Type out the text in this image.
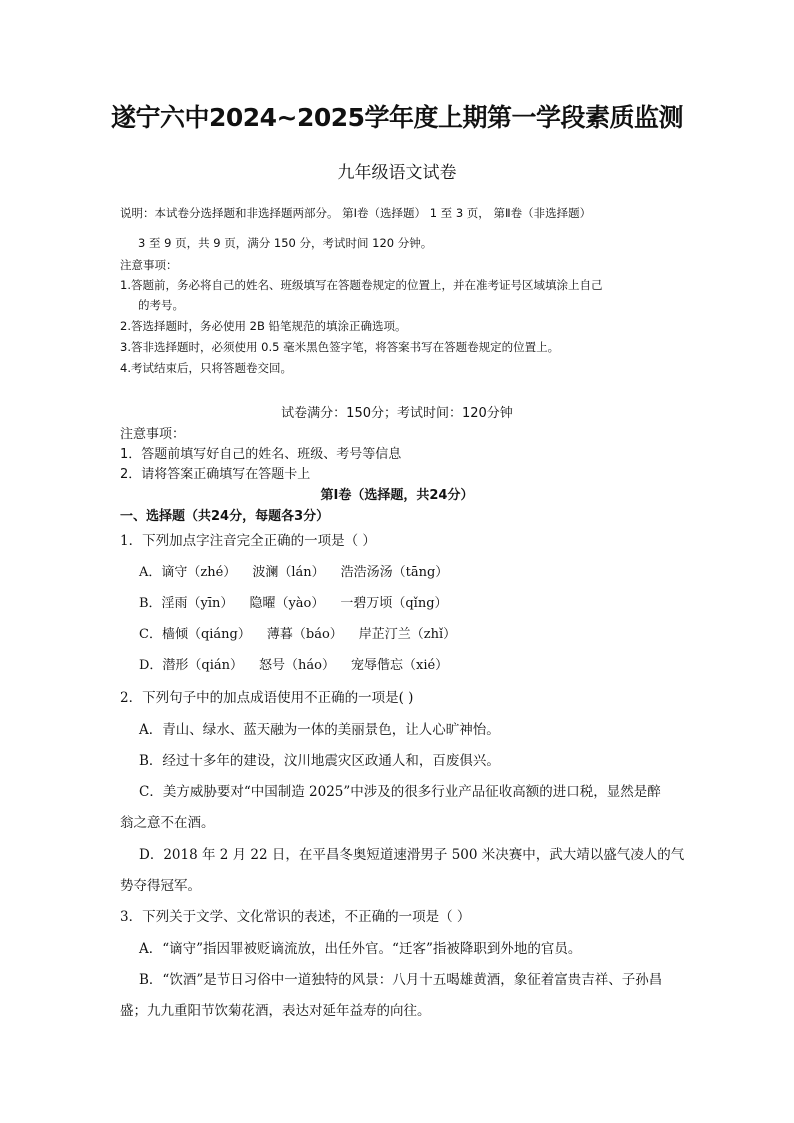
遂宁六中2024~2025学年度上期第一学段素质监测
九年级语文试卷
说明：本试卷分选择题和非选择题两部分。 第Ⅰ卷（选择题） 1 至 3 页， 第Ⅱ卷（非选择题）
3 至 9 页，共 9 页，满分 150 分，考试时间 120 分钟。
注意事项：
1.答题前，务必将自己的姓名、班级填写在答题卷规定的位置上，并在准考证号区域填涂上自己
的考号。
2.答选择题时，务必使用 2B 铅笔规范的填涂正确选项。
3.答非选择题时，必须使用 0.5 毫米黑色签字笔，将答案书写在答题卷规定的位置上。
4.考试结束后，只将答题卷交回。
试卷满分：150分；考试时间：120分钟
注意事项：
1．答题前填写好自己的姓名、班级、考号等信息
2．请将答案正确填写在答题卡上
第Ⅰ卷（选择题，共24分）
一、选择题（共24分，每题各3分）
1．下列加点字注音完全正确的一项是（ ）
A．谪守（zhé） 波澜（lán） 浩浩汤汤（tāng）
B．淫雨（yīn） 隐曜（yào） 一碧万顷（qǐng）
C．樯倾（qiáng） 薄暮（báo） 岸芷汀兰（zhǐ）
D．潜形（qián） 怒号（háo） 宠辱偕忘（xié）
2．下列句子中的加点成语使用不正确的一项是( )
A．青山、绿水、蓝天融为一体的美丽景色，让人心旷神怡。
B．经过十多年的建设，汶川地震灾区政通人和，百废俱兴。
C．美方威胁要对“中国制造 2025”中涉及的很多行业产品征收高额的进口税，显然是醉
翁之意不在酒。
D．2018 年 2 月 22 日，在平昌冬奥短道速滑男子 500 米决赛中，武大靖以盛气凌人的气
势夺得冠军。
3．下列关于文学、文化常识的表述，不正确的一项是（ ）
A．“谪守”指因罪被贬谪流放，出任外官。“迁客”指被降职到外地的官员。
B．“饮酒”是节日习俗中一道独特的风景：八月十五喝雄黄酒，象征着富贵吉祥、子孙昌
盛；九九重阳节饮菊花酒，表达对延年益寿的向往。
